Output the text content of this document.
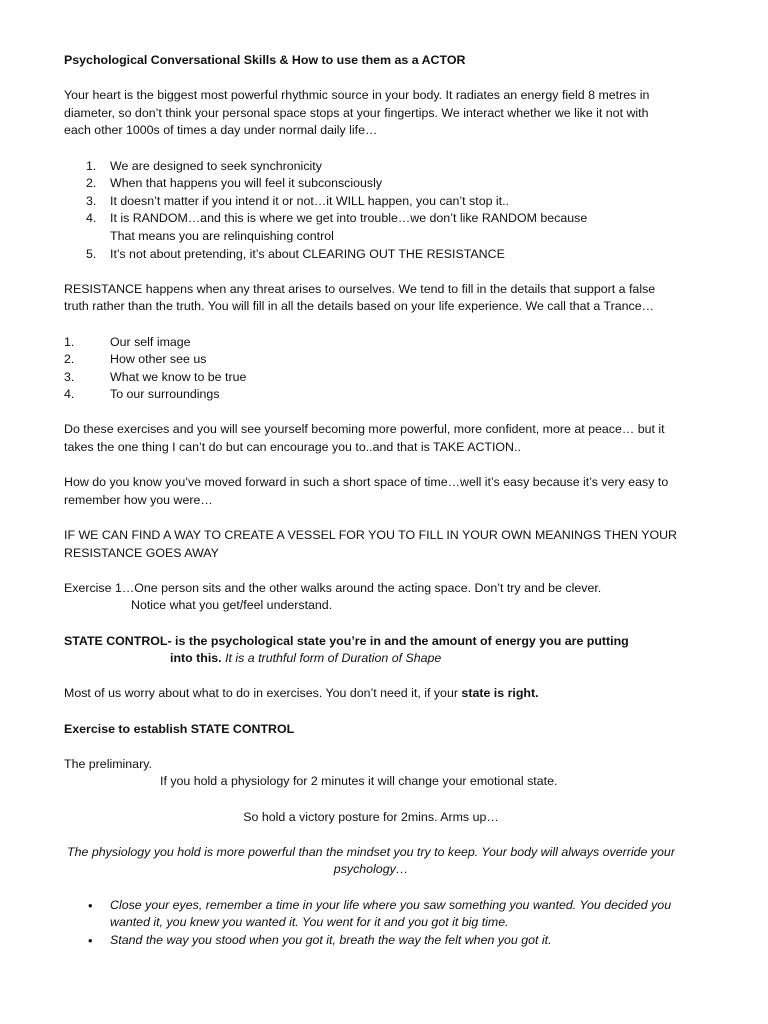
Psychological Conversational Skills & How to use them as a ACTOR

Your heart is the biggest most powerful rhythmic source in your body. It radiates an energy field 8 metres in diameter, so don’t think your personal space stops at your fingertips. We interact whether we like it not with each other 1000s of times a day under normal daily life…

1. We are designed to seek synchronicity
2. When that happens you will feel it subconsciously
3. It doesn’t matter if you intend it or not…it WILL happen, you can’t stop it..
4. It is RANDOM…and this is where we get into trouble…we don’t like RANDOM because
That means you are relinquishing control
5. It’s not about pretending, it’s about CLEARING OUT THE RESISTANCE

RESISTANCE happens when any threat arises to ourselves. We tend to fill in the details that support a false truth rather than the truth. You will fill in all the details based on your life experience. We call that a Trance…

1.	Our self image
2.	How other see us
3.	What we know to be true
4.	To our surroundings

Do these exercises and you will see yourself becoming more powerful, more confident, more at peace… but it takes the one thing I can’t do but can encourage you to..and that is TAKE ACTION..

How do you know you’ve moved forward in such a short space of time…well it’s easy because it’s very easy to remember how you were…

IF WE CAN FIND A WAY TO CREATE A VESSEL FOR YOU TO FILL IN YOUR OWN MEANINGS THEN YOUR RESISTANCE GOES AWAY

Exercise 1…One person sits and the other walks around the acting space. Don’t try and be clever.

Notice what you get/feel understand.

STATE CONTROL- is the psychological state you’re in and the amount of energy you are putting

into this. It is a truthful form of Duration of Shape

Most of us worry about what to do in exercises. You don’t need it, if your state is right.

Exercise to establish STATE CONTROL

The preliminary.

If you hold a physiology for 2 minutes it will change your emotional state.

So hold a victory posture for 2mins. Arms up…

The physiology you hold is more powerful than the mindset you try to keep. Your body will always override your psychology…

• Close your eyes, remember a time in your life where you saw something you wanted. You decided you wanted it, you knew you wanted it. You went for it and you got it big time.
• Stand the way you stood when you got it, breath the way the felt when you got it.
